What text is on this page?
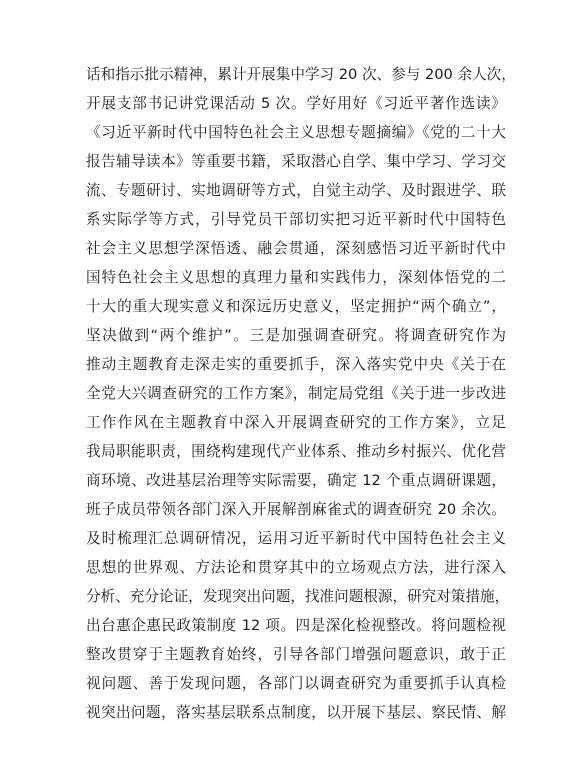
话和指示批示精神，累计开展集中学习 20 次、参与 200 余人次，
开展支部书记讲党课活动 5 次。学好用好《习近平著作选读》
《习近平新时代中国特色社会主义思想专题摘编》《党的二十大
报告辅导读本》等重要书籍，采取潜心自学、集中学习、学习交
流、专题研讨、实地调研等方式，自觉主动学、及时跟进学、联
系实际学等方式，引导党员干部切实把习近平新时代中国特色
社会主义思想学深悟透、融会贯通，深刻感悟习近平新时代中
国特色社会主义思想的真理力量和实践伟力，深刻体悟党的二
十大的重大现实意义和深远历史意义，坚定拥护“两个确立”，
坚决做到“两个维护”。三是加强调查研究。将调查研究作为
推动主题教育走深走实的重要抓手，深入落实党中央《关于在
全党大兴调查研究的工作方案》，制定局党组《关于进一步改进
工作作风在主题教育中深入开展调查研究的工作方案》，立足
我局职能职责，围绕构建现代产业体系、推动乡村振兴、优化营
商环境、改进基层治理等实际需要，确定 12 个重点调研课题，
班子成员带领各部门深入开展解剖麻雀式的调查研究 20 余次。
及时梳理汇总调研情况，运用习近平新时代中国特色社会主义
思想的世界观、方法论和贯穿其中的立场观点方法，进行深入
分析、充分论证，发现突出问题，找准问题根源，研究对策措施，
出台惠企惠民政策制度 12 项。四是深化检视整改。将问题检视
整改贯穿于主题教育始终，引导各部门增强问题意识，敢于正
视问题、善于发现问题，各部门以调查研究为重要抓手认真检
视突出问题，落实基层联系点制度，以开展下基层、察民情、解
